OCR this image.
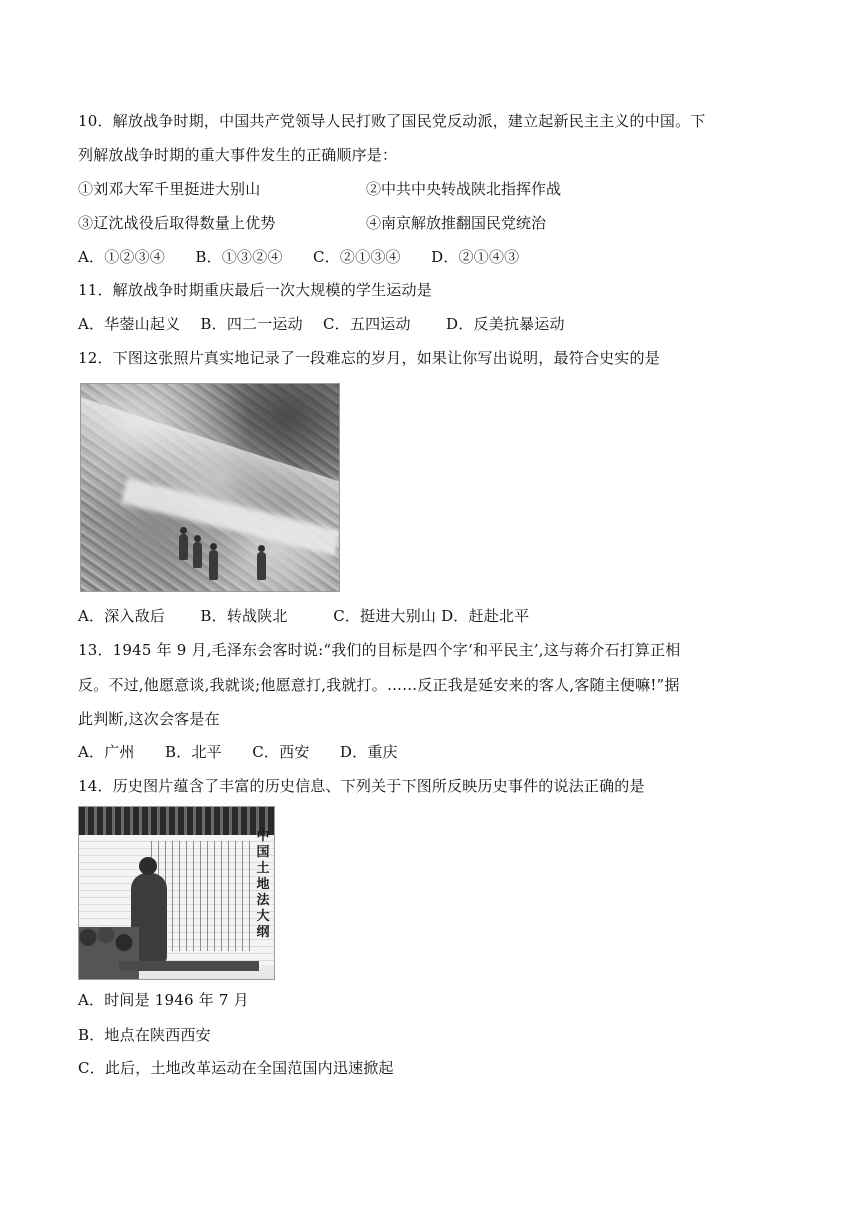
10．解放战争时期，中国共产党领导人民打败了国民党反动派，建立起新民主主义的中国。下
列解放战争时期的重大事件发生的正确顺序是：
①刘邓大军千里挺进大别山	②中共中央转战陕北指挥作战
③辽沈战役后取得数量上优势	④南京解放推翻国民党统治
A．①②③④　　B．①③②④　　C．②①③④　　D．②①④③
11．解放战争时期重庆最后一次大规模的学生运动是
A．华蓥山起义　 B．四二一运动　 C．五四运动　　 D．反美抗暴运动
12．下图这张照片真实地记录了一段难忘的岁月，如果让你写出说明，最符合史实的是
A．深入敌后　　 B．转战陕北　　　C．挺进大别山 D．赶赴北平
13．1945 年 9 月,毛泽东会客时说:“我们的目标是四个字‘和平民主’,这与蒋介石打算正相
反。不过,他愿意谈,我就谈;他愿意打,我就打。……反正我是延安来的客人,客随主便嘛!”据
此判断,这次会客是在
A．广州　　B．北平　　C．西安　　D．重庆
14．历史图片蕴含了丰富的历史信息、下列关于下图所反映历史事件的说法正确的是
中国土地法大纲
A．时间是 1946 年 7 月
B．地点在陕西西安
C．此后，土地改革运动在全国范国内迅速掀起
